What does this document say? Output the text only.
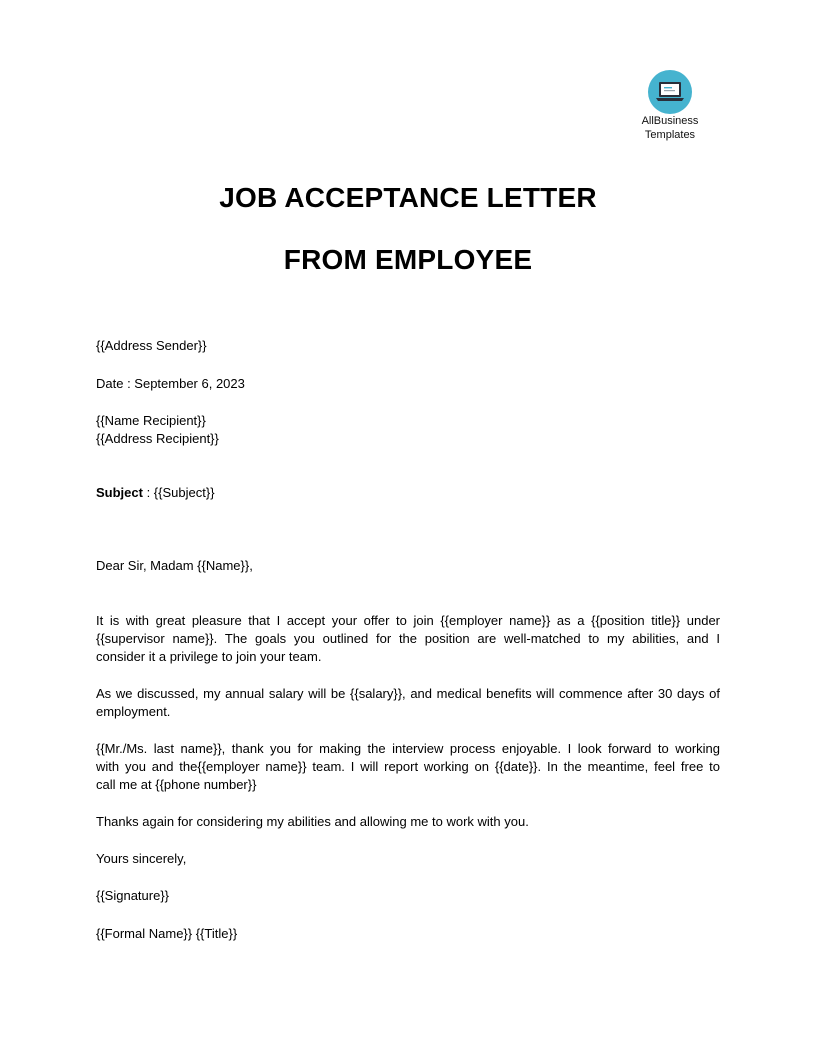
AllBusiness
Templates
JOB ACCEPTANCE LETTER
FROM EMPLOYEE
{{Address Sender}}
Date : September 6, 2023
{{Name Recipient}}
{{Address Recipient}}
Subject : {{Subject}}
Dear Sir, Madam {{Name}},
It is with great pleasure that I accept your offer to join {{employer name}} as a {{position title}} under
{{supervisor name}}. The goals you outlined for the position are well-matched to my abilities, and I
consider it a privilege to join your team.
As we discussed, my annual salary will be {{salary}}, and medical benefits will commence after 30 days of
employment.
{{Mr./Ms. last name}}, thank you for making the interview process enjoyable. I look forward to working
with you and the{{employer name}} team. I will report working on {{date}}. In the meantime, feel free to
call me at {{phone number}}
Thanks again for considering my abilities and allowing me to work with you.
Yours sincerely,
{{Signature}}
{{Formal Name}} {{Title}}
